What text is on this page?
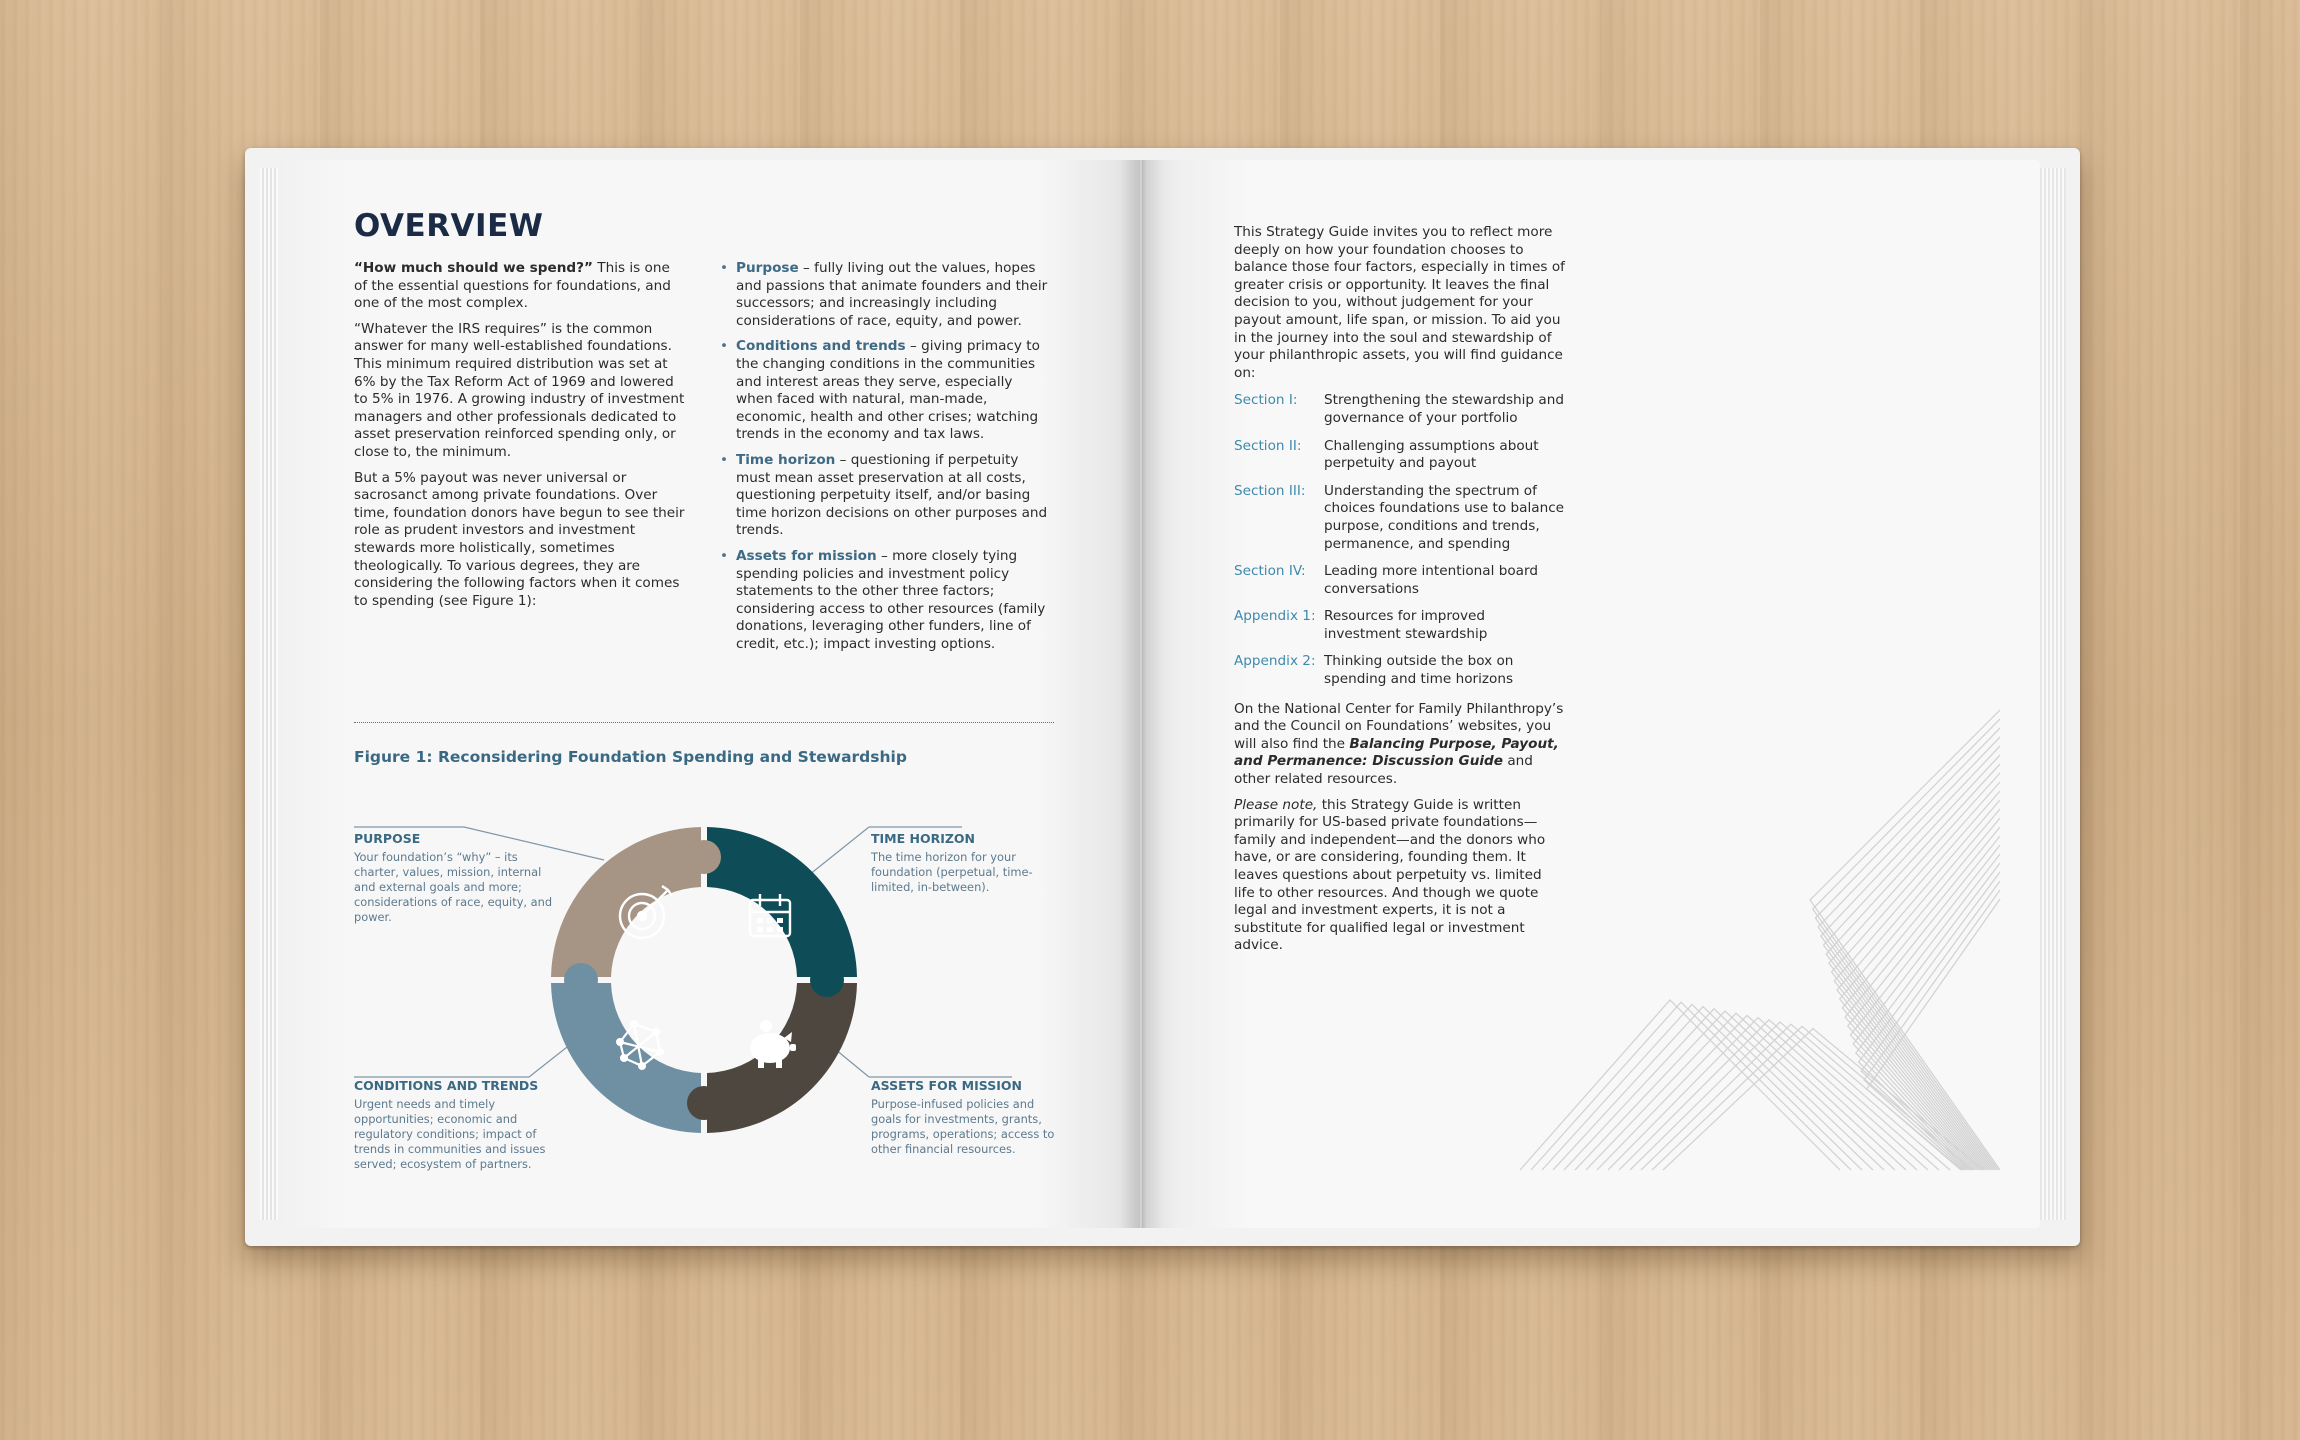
OVERVIEW

“How much should we spend?” This is one of the essential questions for foundations, and one of the most complex.

“Whatever the IRS requires” is the common answer for many well-established foundations. This minimum required distribution was set at 6% by the Tax Reform Act of 1969 and lowered to 5% in 1976. A growing industry of investment managers and other professionals dedicated to asset preservation reinforced spending only, or close to, the minimum.

But a 5% payout was never universal or sacrosanct among private foundations. Over time, foundation donors have begun to see their role as prudent investors and investment stewards more holistically, sometimes theologically. To various degrees, they are considering the following factors when it comes to spending (see Figure 1):

• Purpose – fully living out the values, hopes and passions that animate founders and their successors; and increasingly including considerations of race, equity, and power.
• Conditions and trends – giving primacy to the changing conditions in the communities and interest areas they serve, especially when faced with natural, man-made, economic, health and other crises; watching trends in the economy and tax laws.
• Time horizon – questioning if perpetuity must mean asset preservation at all costs, questioning perpetuity itself, and/or basing time horizon decisions on other purposes and trends.
• Assets for mission – more closely tying spending policies and investment policy statements to the other three factors; considering access to other resources (family donations, leveraging other funders, line of credit, etc.); impact investing options.
Figure 1: Reconsidering Foundation Spending and Stewardship
PURPOSE
Your foundation’s “why” – its charter, values, mission, internal and external goals and more; considerations of race, equity, and power.
TIME HORIZON
The time horizon for your foundation (perpetual, time-limited, in-between).
CONDITIONS AND TRENDS
Urgent needs and timely opportunities; economic and regulatory conditions; impact of trends in communities and issues served; ecosystem of partners.
ASSETS FOR MISSION
Purpose-infused policies and goals for investments, grants, programs, operations; access to other financial resources.

This Strategy Guide invites you to reflect more deeply on how your foundation chooses to balance those four factors, especially in times of greater crisis or opportunity. It leaves the final decision to you, without judgement for your payout amount, life span, or mission. To aid you in the journey into the soul and stewardship of your philanthropic assets, you will find guidance on:

Section I:	Strengthening the stewardship and governance of your portfolio
Section II:	Challenging assumptions about perpetuity and payout
Section III:	Understanding the spectrum of choices foundations use to balance purpose, conditions and trends, permanence, and spending
Section IV:	Leading more intentional board conversations
Appendix 1: Resources for improved investment stewardship
Appendix 2: Thinking outside the box on spending and time horizons

On the National Center for Family Philanthropy’s and the Council on Foundations’ websites, you will also find the Balancing Purpose, Payout, and Permanence: Discussion Guide and other related resources.

Please note, this Strategy Guide is written primarily for US-based private foundations—family and independent—and the donors who have, or are considering, founding them. It leaves questions about perpetuity vs. limited life to other resources. And though we quote legal and investment experts, it is not a substitute for qualified legal or investment advice.
